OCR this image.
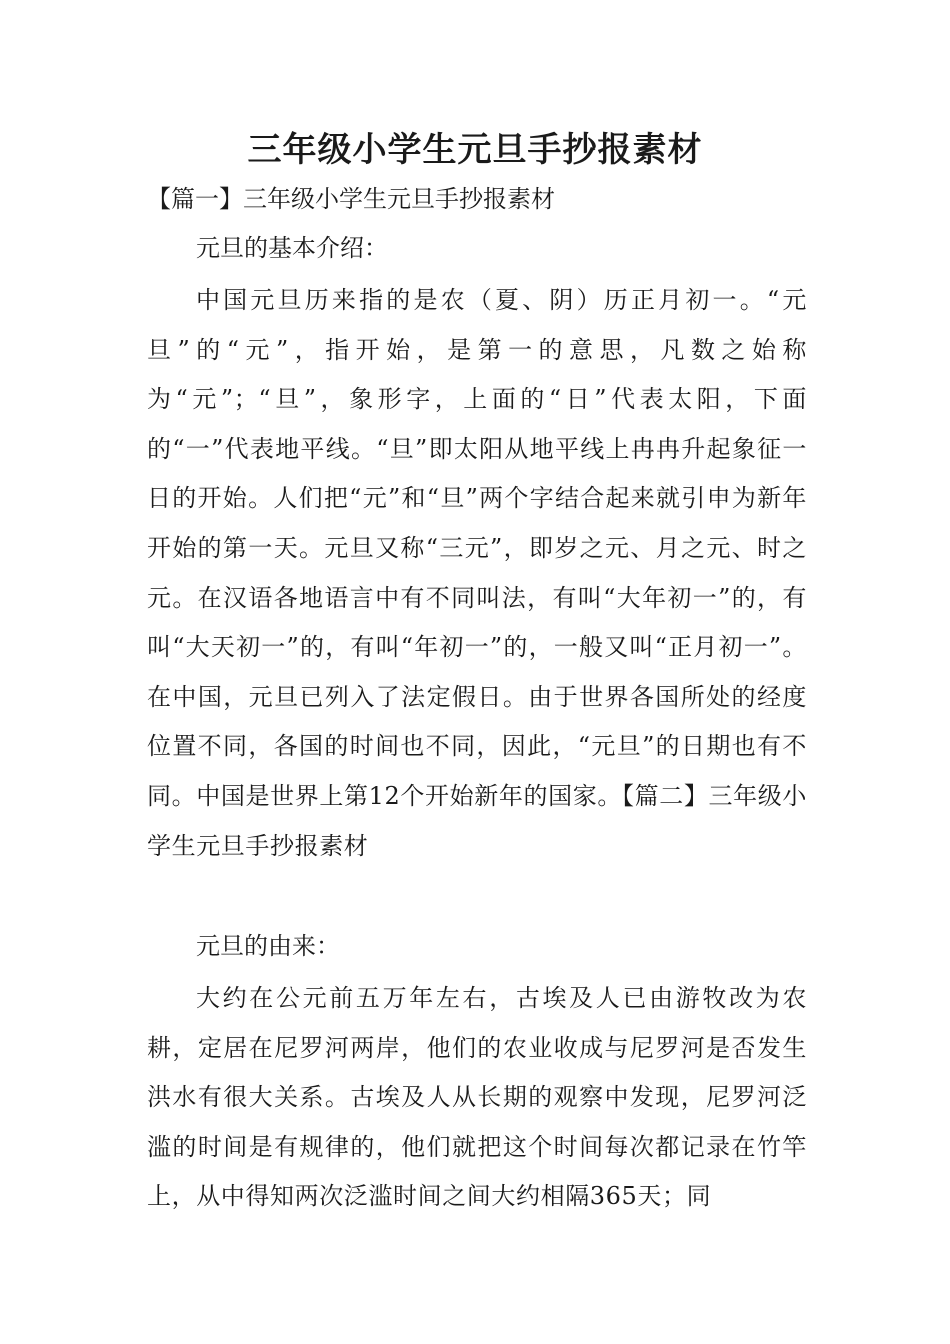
三年级小学生元旦手抄报素材
【篇一】三年级小学生元旦手抄报素材
元旦的基本介绍：

中国元旦历来指的是农（夏、阴）历正月初一。“元旦”的“元”，指开始，是第一的意思，凡数之始称为“元”；“旦”，象形字，上面的“日”代表太阳，下面的“一”代表地平线。“旦”即太阳从地平线上冉冉升起象征一日的开始。人们把“元”和“旦”两个字结合起来就引申为新年开始的第一天。元旦又称“三元”，即岁之元、月之元、时之元。在汉语各地语言中有不同叫法，有叫“大年初一”的，有叫“大天初一”的，有叫“年初一”的，一般又叫“正月初一”。在中国，元旦已列入了法定假日。由于世界各国所处的经度位置不同，各国的时间也不同，因此，“元旦”的日期也有不同。中国是世界上第12个开始新年的国家。【篇二】三年级小学生元旦手抄报素材

元旦的由来：

大约在公元前五万年左右，古埃及人已由游牧改为农耕，定居在尼罗河两岸，他们的农业收成与尼罗河是否发生洪水有很大关系。古埃及人从长期的观察中发现，尼罗河泛滥的时间是有规律的，他们就把这个时间每次都记录在竹竿上，从中得知两次泛滥时间之间大约相隔365天；同
